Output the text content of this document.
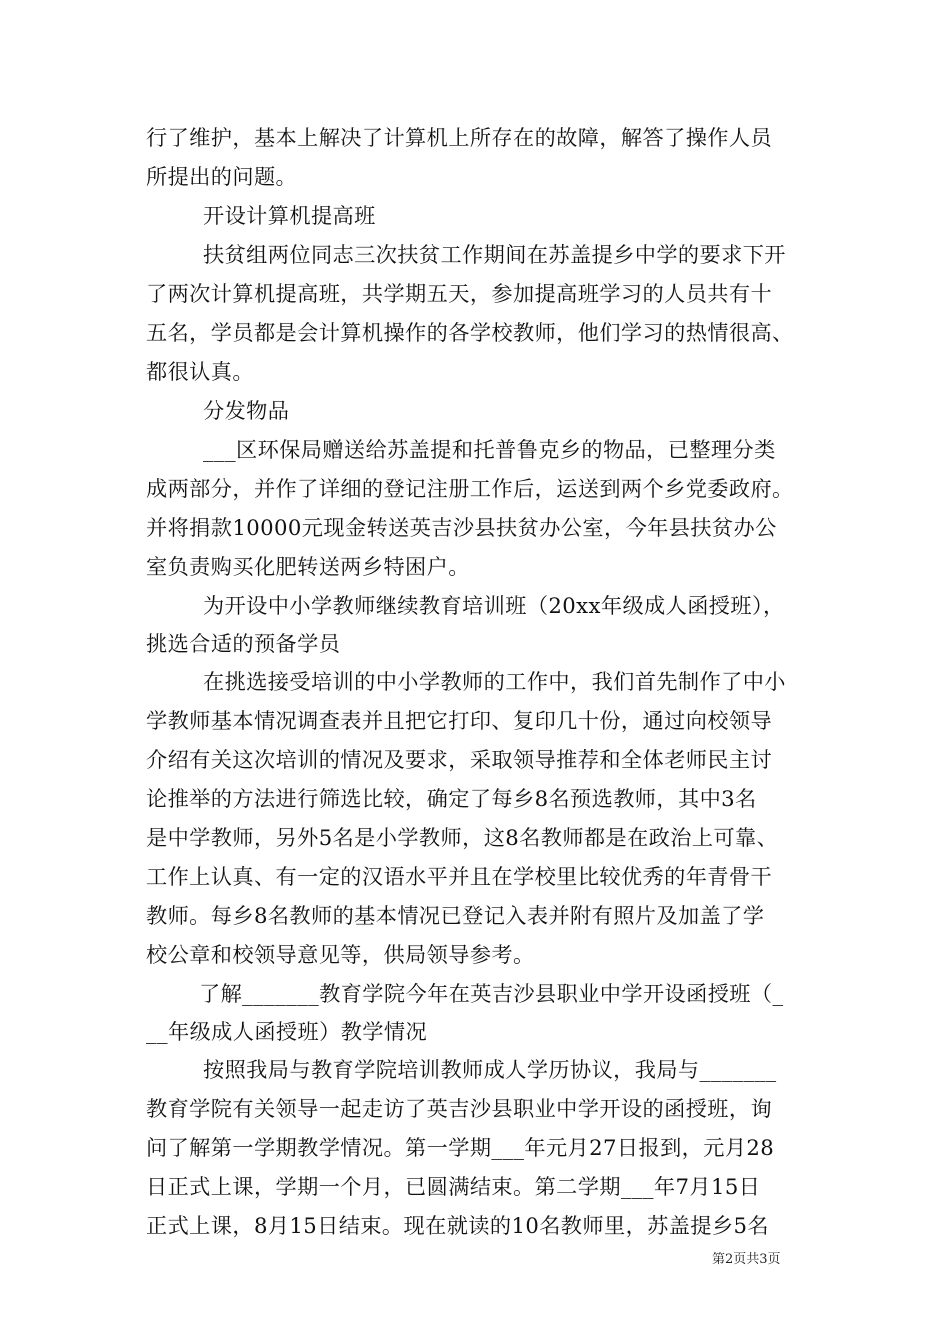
行了维护，基本上解决了计算机上所存在的故障，解答了操作人员
所提出的问题。
开设计算机提高班
扶贫组两位同志三次扶贫工作期间在苏盖提乡中学的要求下开
了两次计算机提高班，共学期五天，参加提高班学习的人员共有十
五名，学员都是会计算机操作的各学校教师，他们学习的热情很高、
都很认真。
分发物品
___区环保局赠送给苏盖提和托普鲁克乡的物品，已整理分类
成两部分，并作了详细的登记注册工作后，运送到两个乡党委政府。
并将捐款10000元现金转送英吉沙县扶贫办公室，今年县扶贫办公
室负责购买化肥转送两乡特困户。
为开设中小学教师继续教育培训班（20xx年级成人函授班），
挑选合适的预备学员
在挑选接受培训的中小学教师的工作中，我们首先制作了中小
学教师基本情况调查表并且把它打印、复印几十份，通过向校领导
介绍有关这次培训的情况及要求，采取领导推荐和全体老师民主讨
论推举的方法进行筛选比较，确定了每乡8名预选教师，其中3名
是中学教师，另外5名是小学教师，这8名教师都是在政治上可靠、
工作上认真、有一定的汉语水平并且在学校里比较优秀的年青骨干
教师。每乡8名教师的基本情况已登记入表并附有照片及加盖了学
校公章和校领导意见等，供局领导参考。
了解_______教育学院今年在英吉沙县职业中学开设函授班（_
__年级成人函授班）教学情况
按照我局与教育学院培训教师成人学历协议，我局与_______
教育学院有关领导一起走访了英吉沙县职业中学开设的函授班，询
问了解第一学期教学情况。第一学期___年元月27日报到，元月28
日正式上课，学期一个月，已圆满结束。第二学期___年7月15日
正式上课，8月15日结束。现在就读的10名教师里，苏盖提乡5名
第2页共3页
